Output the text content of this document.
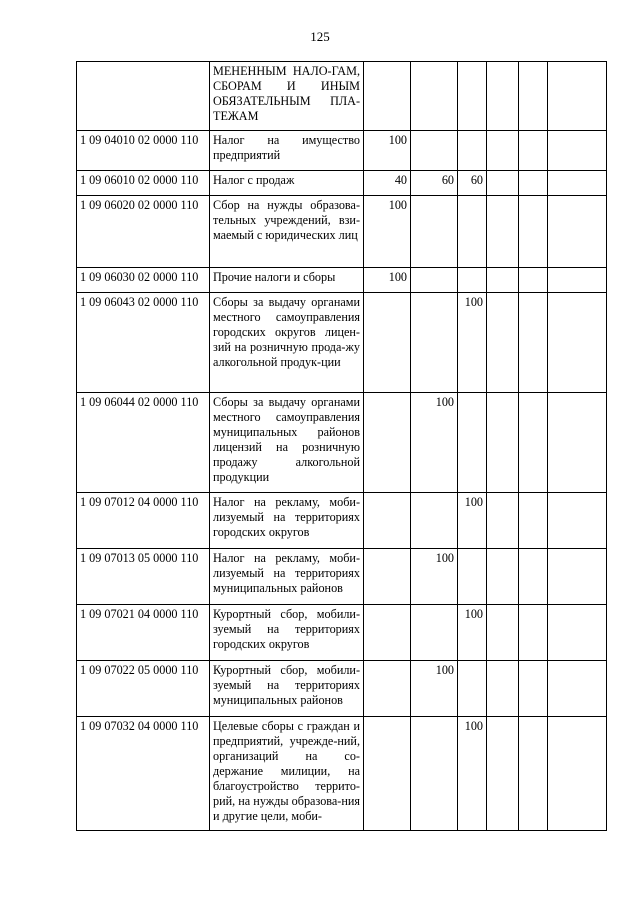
125
	МЕНЕННЫМ НАЛО-ГАМ, СБОРАМ И ИНЫМ ОБЯЗАТЕЛЬНЫМ ПЛА-ТЕЖАМ						
1 09 04010 02 0000 110	Налог на имущество предприятий	100					
1 09 06010 02 0000 110	Налог с продаж	40	60	60			
1 09 06020 02 0000 110	Сбор на нужды образова-тельных учреждений, взи-маемый с юридических лиц	100					
1 09 06030 02 0000 110	Прочие налоги и сборы	100					
1 09 06043 02 0000 110	Сборы за выдачу органами местного самоуправления городских округов лицен-зий на розничную прода-жу алкогольной продук-ции			100			
1 09 06044 02 0000 110	Сборы за выдачу органами местного самоуправления муниципальных районов лицензий на розничную продажу алкогольной продукции		100				
1 09 07012 04 0000 110	Налог на рекламу, моби-лизуемый на территориях городских округов			100			
1 09 07013 05 0000 110	Налог на рекламу, моби-лизуемый на территориях муниципальных районов		100				
1 09 07021 04 0000 110	Курортный сбор, мобили-зуемый на территориях городских округов			100			
1 09 07022 05 0000 110	Курортный сбор, мобили-зуемый на территориях муниципальных районов		100				
1 09 07032 04 0000 110	Целевые сборы с граждан и предприятий, учрежде-ний, организаций на со-держание милиции, на благоустройство террито-рий, на нужды образова-ния и другие цели, моби-			100			
